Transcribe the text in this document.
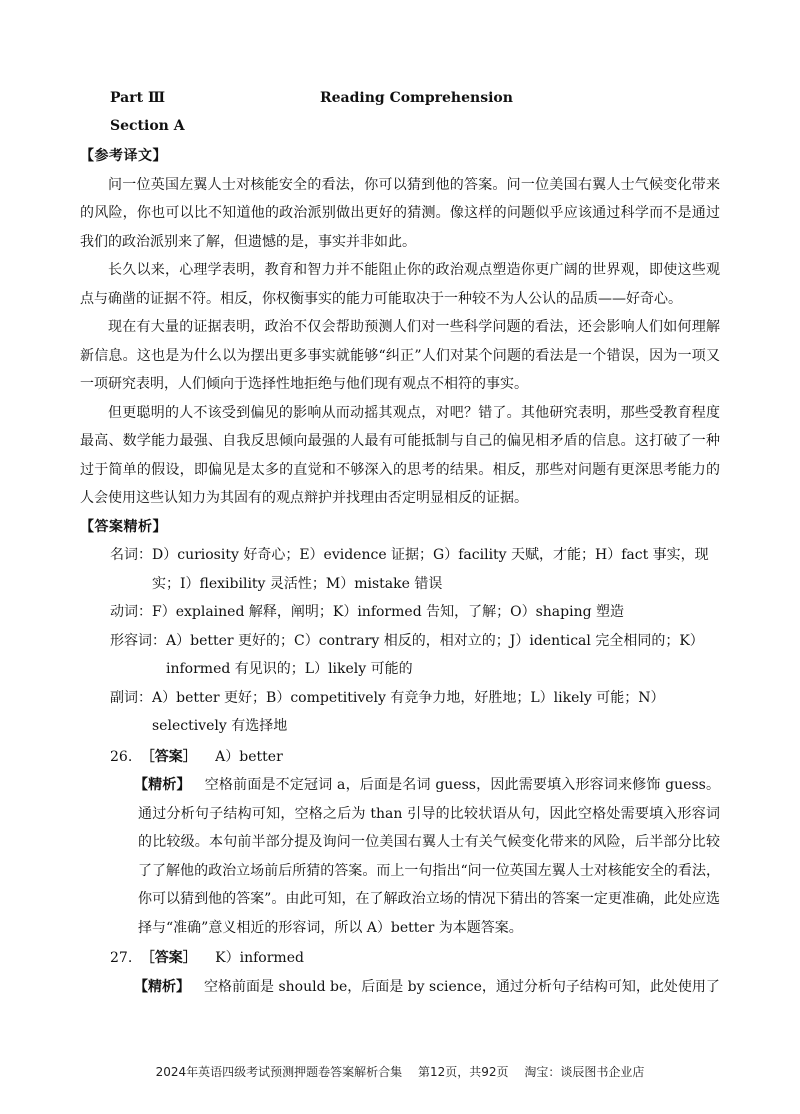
Part Ⅲ	Reading Comprehension
Section A
【参考译文】

问一位英国左翼人士对核能安全的看法，你可以猜到他的答案。问一位美国右翼人士气候变化带来的风险，你也可以比不知道他的政治派别做出更好的猜测。像这样的问题似乎应该通过科学而不是通过我们的政治派别来了解，但遗憾的是，事实并非如此。

长久以来，心理学表明，教育和智力并不能阻止你的政治观点塑造你更广阔的世界观，即使这些观点与确凿的证据不符。相反，你权衡事实的能力可能取决于一种较不为人公认的品质——好奇心。

现在有大量的证据表明，政治不仅会帮助预测人们对一些科学问题的看法，还会影响人们如何理解新信息。这也是为什么以为摆出更多事实就能够“纠正”人们对某个问题的看法是一个错误，因为一项又一项研究表明，人们倾向于选择性地拒绝与他们现有观点不相符的事实。

但更聪明的人不该受到偏见的影响从而动摇其观点，对吧？错了。其他研究表明，那些受教育程度最高、数学能力最强、自我反思倾向最强的人最有可能抵制与自己的偏见相矛盾的信息。这打破了一种过于简单的假设，即偏见是太多的直觉和不够深入的思考的结果。相反，那些对问题有更深思考能力的人会使用这些认知力为其固有的观点辩护并找理由否定明显相反的证据。

【答案精析】
名词： D）curiosity 好奇心；E）evidence 证据；G）facility 天赋，才能；H）fact 事实，现实；I）flexibility 灵活性；M）mistake 错误
动词： F）explained 解释，阐明；K）informed 告知，了解；O）shaping 塑造
形容词： A）better 更好的；C）contrary 相反的，相对立的；J）identical 完全相同的；K）informed 有见识的；L）likely 可能的
副词： A）better 更好；B）competitively 有竞争力地，好胜地；L）likely 可能；N）selectively 有选择地
26. ［答案］ A）better

【精析】 空格前面是不定冠词 a，后面是名词 guess，因此需要填入形容词来修饰 guess。通过分析句子结构可知，空格之后为 than 引导的比较状语从句，因此空格处需要填入形容词的比较级。本句前半部分提及询问一位美国右翼人士有关气候变化带来的风险，后半部分比较了了解他的政治立场前后所猜的答案。而上一句指出“问一位英国左翼人士对核能安全的看法，你可以猜到他的答案”。由此可知，在了解政治立场的情况下猜出的答案一定更准确，此处应选择与“准确”意义相近的形容词，所以 A）better 为本题答案。

27. ［答案］ K）informed

【精析】 空格前面是 should be，后面是 by science，通过分析句子结构可知，此处使用了

2024年英语四级考试预测押题卷答案解析合集 第12页，共92页 淘宝：谈辰图书企业店
